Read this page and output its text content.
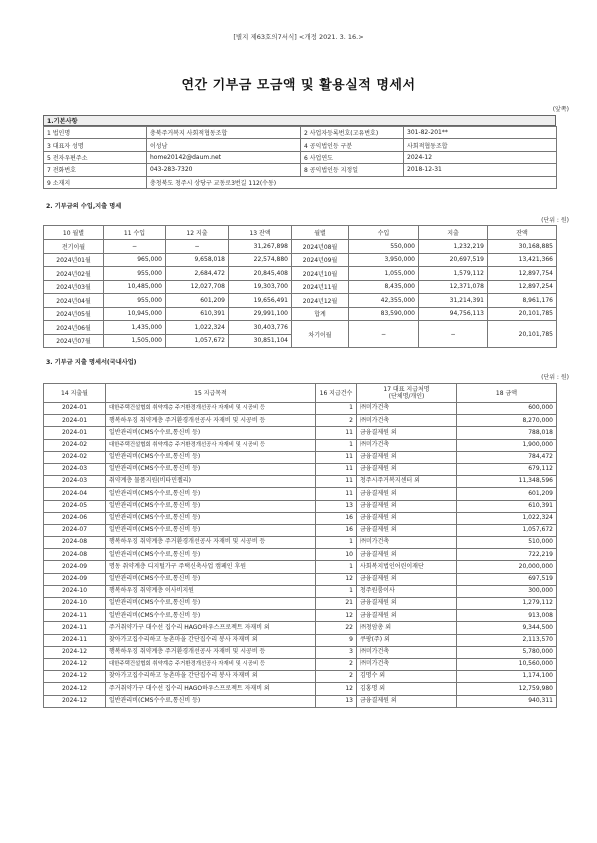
[별지 제63호의7서식] <개정 2021. 3. 16.>
연간 기부금 모금액 및 활용실적 명세서
(앞쪽)
1.기본사항
1 법인명	충북주거복지 사회적협동조합	2 사업자등록번호(고유번호)	301-82-201**
3 대표자 성명	이성남	4 공익법인등 구분	사회적협동조합
5 전자우편주소	home20142@daum.net	6 사업연도	2024-12
7 전화번호	043-283-7320	8 공익법인등 지정일	2018-12-31
9 소재지	충청북도 청주시 상당구 교동로3번길 112(수동)		
2. 기부금의 수입,지출 명세
(단위 : 원)
10 월별	11 수입	12 지출	13 잔액	월별	수입	지출	잔액
전기이월	−	−	31,267,898	2024년08월	550,000	1,232,219	30,168,885
2024년01월	965,000	9,658,018	22,574,880	2024년09월	3,950,000	20,697,519	13,421,366
2024년02월	955,000	2,684,472	20,845,408	2024년10월	1,055,000	1,579,112	12,897,754
2024년03월	10,485,000	12,027,708	19,303,700	2024년11월	8,435,000	12,371,078	12,897,254
2024년04월	955,000	601,209	19,656,491	2024년12월	42,355,000	31,214,391	8,961,176
2024년05월	10,945,000	610,391	29,991,100	합계	83,590,000	94,756,113	20,101,785
2024년06월	1,435,000	1,022,324	30,403,776	차기이월	−	−	20,101,785
2024년07월	1,505,000	1,057,672	30,851,104				
3. 기부금 지출 명세서(국내사업)
(단위 : 원)
14 지출월	15 지급목적	16 지급건수	17 대표 지급처명
(단체명/개인)	18 금액
2024-01	대한주택건설협회 취약계층 주거환경개선공사 자재비 및 시공비 등	1	㈜미가건축	600,000
2024-01	행복하우징 취약계층 주거환경개선공사 자재비 및 시공비 등	2	㈜미가건축	8,270,000
2024-01	일반관리비(CMS수수료,통신비 등)	11	금융결제원 외	788,018
2024-02	대한주택건설협회 취약계층 주거환경개선공사 자재비 및 시공비 등	1	㈜미가건축	1,900,000
2024-02	일반관리비(CMS수수료,통신비 등)	11	금융결제원 외	784,472
2024-03	일반관리비(CMS수수료,통신비 등)	11	금융결제원 외	679,112
2024-03	취약계층 물품지원(비타민젤리)	11	청주시주거복지센터 외	11,348,596
2024-04	일반관리비(CMS수수료,통신비 등)	11	금융결제원 외	601,209
2024-05	일반관리비(CMS수수료,통신비 등)	13	금융결제원 외	610,391
2024-06	일반관리비(CMS수수료,통신비 등)	16	금융결제원 외	1,022,324
2024-07	일반관리비(CMS수수료,통신비 등)	16	금융결제원 외	1,057,672
2024-08	행복하우징 취약계층 주거환경개선공사 자재비 및 시공비 등	1	㈜미가건축	510,000
2024-08	일반관리비(CMS수수료,통신비 등)	10	금융결제원 외	722,219
2024-09	명동 취약계층 디지털가구 주택신축사업 캠페인 후원	1	사회복지법인어린이재단	20,000,000
2024-09	일반관리비(CMS수수료,통신비 등)	12	금융결제원 외	697,519
2024-10	행복하우징 취약계층 이사비지원	1	청주원룸이사	300,000
2024-10	일반관리비(CMS수수료,통신비 등)	21	금융결제원 외	1,279,112
2024-11	일반관리비(CMS수수료,통신비 등)	12	금융결제원 외	913,008
2024-11	주거취약가구 대수선 집수리 HAGO하우스프로젝트 자재비 외	22	㈜청암총 외	9,344,500
2024-11	찾아가고집수리하고 농촌마을 간단집수리 봉사 자재비 외	9	쿠팡(주) 외	2,113,570
2024-12	행복하우징 취약계층 주거환경개선공사 자재비 및 시공비 등	3	㈜미가건축	5,780,000
2024-12	대한주택건설협회 취약계층 주거환경개선공사 자재비 및 시공비 등	2	㈜미가건축	10,560,000
2024-12	찾아가고집수리하고 농촌마을 간단집수리 봉사 자재비 외	2	김명수 외	1,174,100
2024-12	주거취약가구 대수선 집수리 HAGO하우스프로젝트 자재비 외	12	김홍명 외	12,759,980
2024-12	일반관리비(CMS수수료,통신비 등)	13	금융결제원 외	940,311
